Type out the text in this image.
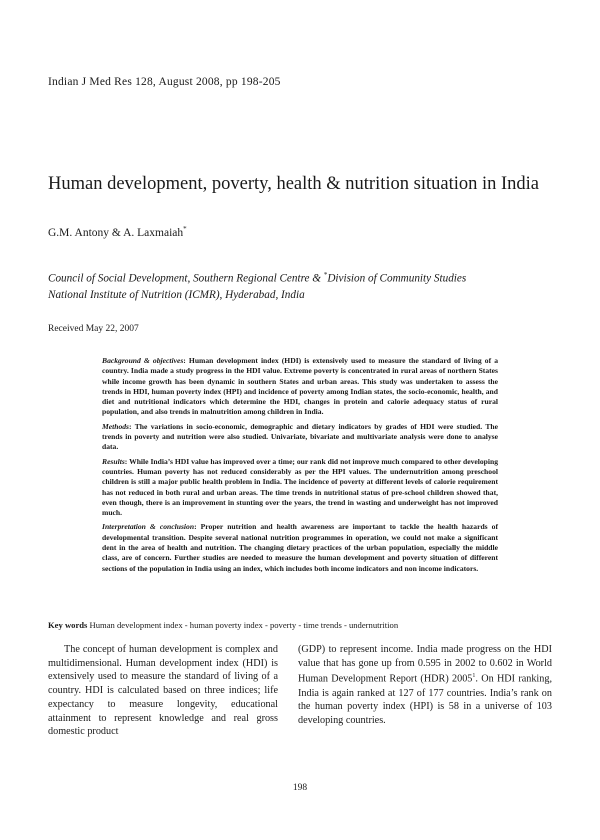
Indian J Med Res 128, August 2008, pp 198-205
Human development, poverty, health & nutrition situation in India
G.M. Antony & A. Laxmaiah*
Council of Social Development, Southern Regional Centre & *Division of Community Studies
National Institute of Nutrition (ICMR), Hyderabad, India
Received May 22, 2007

Background & objectives: Human development index (HDI) is extensively used to measure the standard of living of a country. India made a study progress in the HDI value. Extreme poverty is concentrated in rural areas of northern States while income growth has been dynamic in southern States and urban areas. This study was undertaken to assess the trends in HDI, human poverty index (HPI) and incidence of poverty among Indian states, the socio-economic, health, and diet and nutritional indicators which determine the HDI, changes in protein and calorie adequacy status of rural population, and also trends in malnutrition among children in India.

Methods: The variations in socio-economic, demographic and dietary indicators by grades of HDI were studied. The trends in poverty and nutrition were also studied. Univariate, bivariate and multivariate analysis were done to analyse data.

Results: While India’s HDI value has improved over a time; our rank did not improve much compared to other developing countries. Human poverty has not reduced considerably as per the HPI values. The undernutrition among preschool children is still a major public health problem in India. The incidence of poverty at different levels of calorie requirement has not reduced in both rural and urban areas. The time trends in nutritional status of pre-school children showed that, even though, there is an improvement in stunting over the years, the trend in wasting and underweight has not improved much.

Interpretation & conclusion: Proper nutrition and health awareness are important to tackle the health hazards of developmental transition. Despite several national nutrition programmes in operation, we could not make a significant dent in the area of health and nutrition. The changing dietary practices of the urban population, especially the middle class, are of concern. Further studies are needed to measure the human development and poverty situation of different sections of the population in India using an index, which includes both income indicators and non income indicators.

Key words Human development index - human poverty index - poverty - time trends - undernutrition

The concept of human development is complex and multidimensional. Human development index (HDI) is extensively used to measure the standard of living of a country. HDI is calculated based on three indices; life expectancy to measure longevity, educational attainment to represent knowledge and real gross domestic product

(GDP) to represent income. India made progress on the HDI value that has gone up from 0.595 in 2002 to 0.602 in World Human Development Report (HDR) 2005$^1$. On HDI ranking, India is again ranked at 127 of 177 countries. India’s rank on the human poverty index (HPI) is 58 in a universe of 103 developing countries.

198
